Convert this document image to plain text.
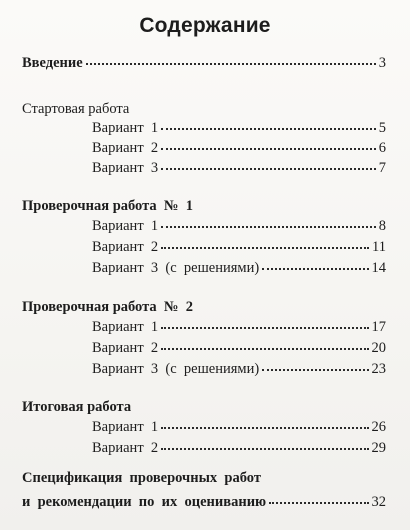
Содержание
Введение	3
Стартовая работа
Вариант  1	5
Вариант  2	6
Вариант  3	7
Проверочная работа  №  1
Вариант  1	8
Вариант  2	11
Вариант  3  (с  решениями)	14
Проверочная работа  №  2
Вариант  1	17
Вариант  2	20
Вариант  3  (с  решениями)	23
Итоговая работа
Вариант  1	26
Вариант  2	29
Спецификация  проверочных  работ
и  рекомендации  по  их  оцениванию	32
